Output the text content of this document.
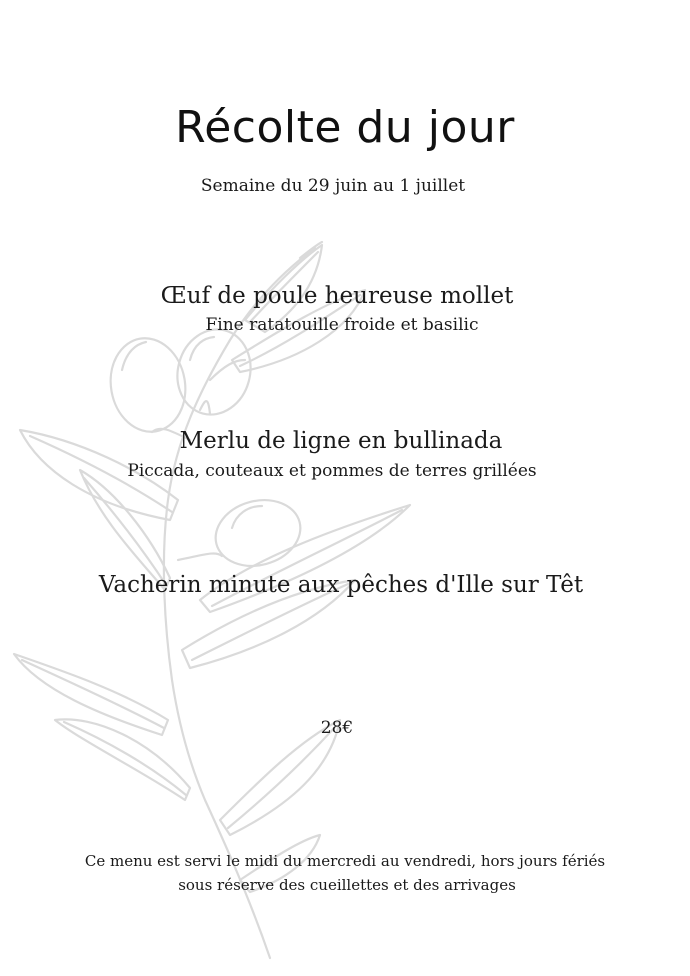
Récolte du jour
Semaine du 29 juin au 1 juillet
Œuf de poule heureuse mollet
Fine ratatouille froide et basilic
Merlu de ligne en bullinada
Piccada, couteaux et pommes de terres grillées
Vacherin minute aux pêches d'Ille sur Têt
28€
Ce menu est servi le midi du mercredi au vendredi, hors jours fériés
sous réserve des cueillettes et des arrivages
